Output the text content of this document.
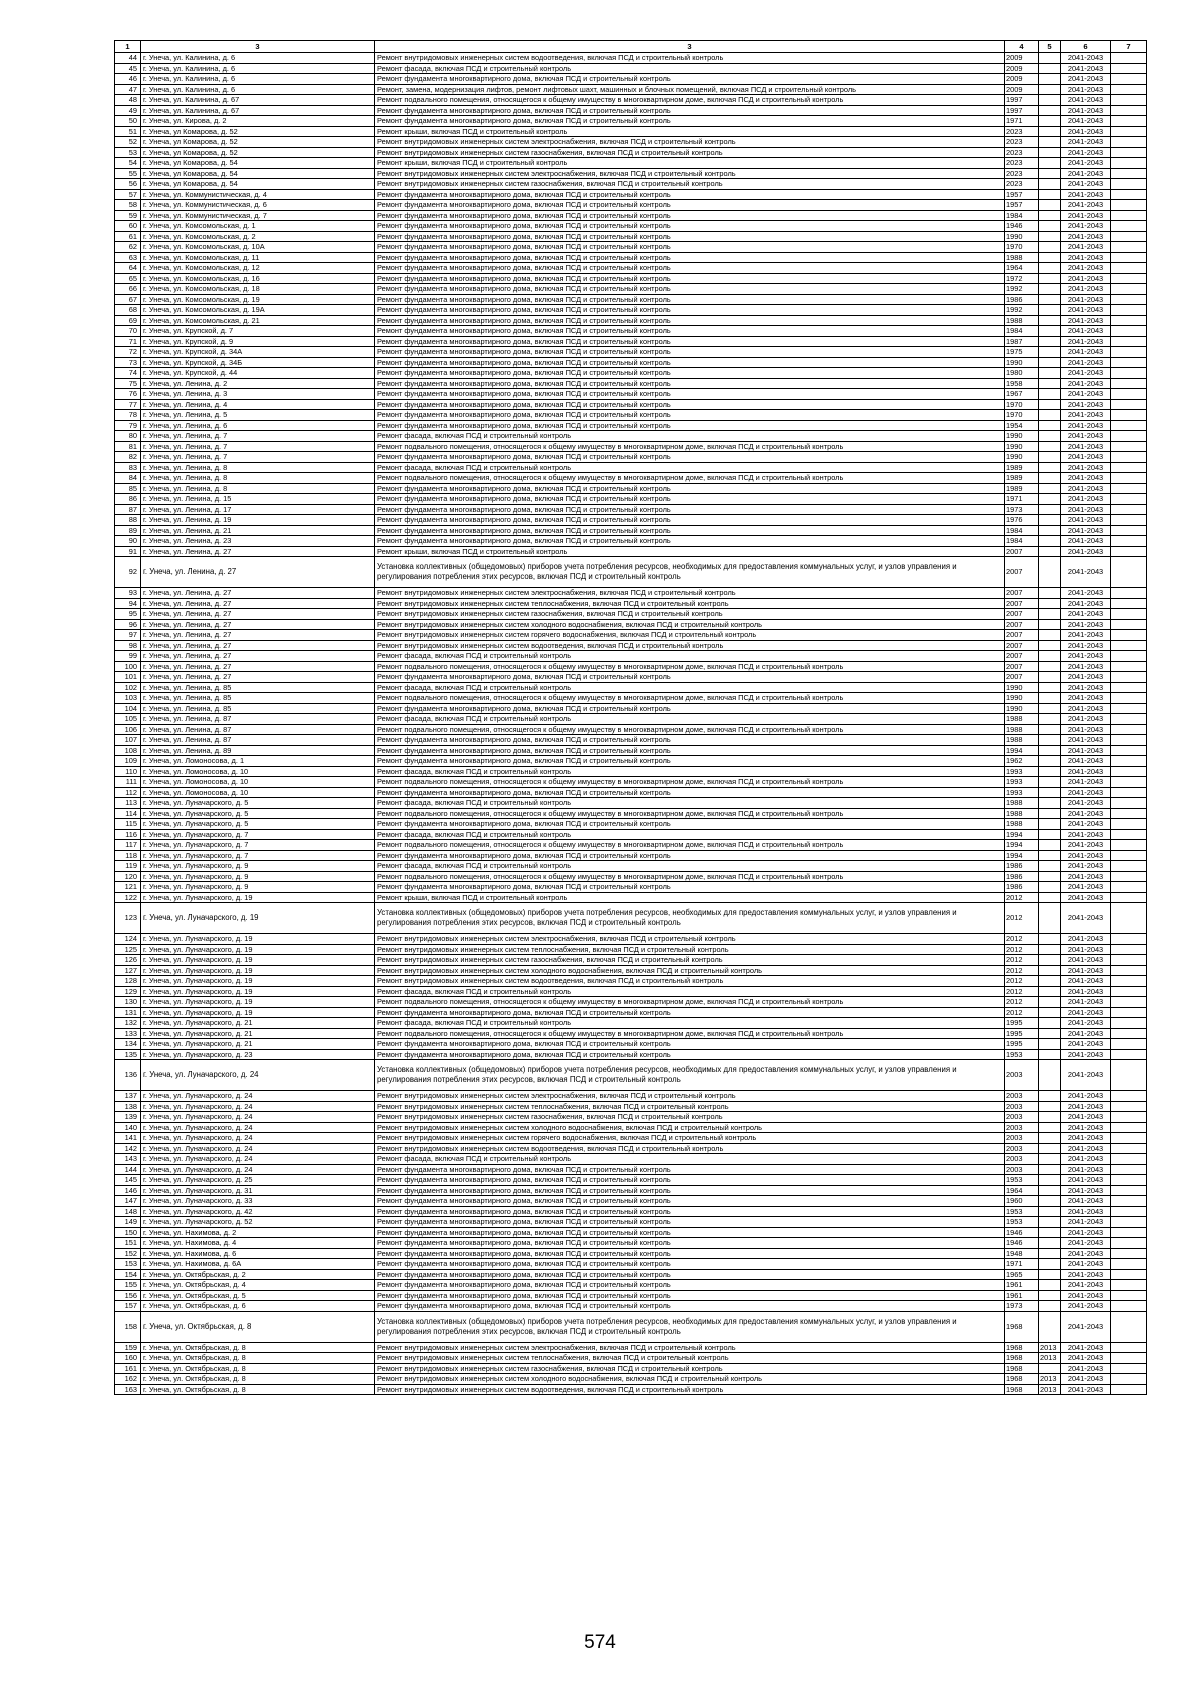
1	3	3	4	5	6	7
44	г. Унеча, ул. Калинина, д. 6	Ремонт внутридомовых инженерных систем водоотведения, включая ПСД и строительный контроль	2009		2041-2043	
45	г. Унеча, ул. Калинина, д. 6	Ремонт фасада, включая ПСД и строительный контроль	2009		2041-2043	
46	г. Унеча, ул. Калинина, д. 6	Ремонт фундамента многоквартирного дома, включая ПСД и строительный контроль	2009		2041-2043	
47	г. Унеча, ул. Калинина, д. 6	Ремонт, замена, модернизация лифтов, ремонт лифтовых шахт, машинных и блочных помещений, включая ПСД и строительный контроль	2009		2041-2043	
48	г. Унеча, ул. Калинина, д. 67	Ремонт подвального помещения, относящегося к общему имуществу в многоквартирном доме, включая ПСД и строительный контроль	1997		2041-2043	
49	г. Унеча, ул. Калинина, д. 67	Ремонт фундамента многоквартирного дома, включая ПСД и строительный контроль	1997		2041-2043	
50	г. Унеча, ул. Кирова, д. 2	Ремонт фундамента многоквартирного дома, включая ПСД и строительный контроль	1971		2041-2043	
51	г. Унеча, ул Комарова, д. 52	Ремонт крыши, включая ПСД и строительный контроль	2023		2041-2043	
52	г. Унеча, ул Комарова, д. 52	Ремонт внутридомовых инженерных систем электроснабжения, включая ПСД и строительный контроль	2023		2041-2043	
53	г. Унеча, ул Комарова, д. 52	Ремонт внутридомовых инженерных систем газоснабжения, включая ПСД и строительный контроль	2023		2041-2043	
54	г. Унеча, ул Комарова, д. 54	Ремонт крыши, включая ПСД и строительный контроль	2023		2041-2043	
55	г. Унеча, ул Комарова, д. 54	Ремонт внутридомовых инженерных систем электроснабжения, включая ПСД и строительный контроль	2023		2041-2043	
56	г. Унеча, ул Комарова, д. 54	Ремонт внутридомовых инженерных систем газоснабжения, включая ПСД и строительный контроль	2023		2041-2043	
57	г. Унеча, ул. Коммунистическая, д. 4	Ремонт фундамента многоквартирного дома, включая ПСД и строительный контроль	1957		2041-2043	
58	г. Унеча, ул. Коммунистическая, д. 6	Ремонт фундамента многоквартирного дома, включая ПСД и строительный контроль	1957		2041-2043	
59	г. Унеча, ул. Коммунистическая, д. 7	Ремонт фундамента многоквартирного дома, включая ПСД и строительный контроль	1984		2041-2043	
60	г. Унеча, ул. Комсомольская, д. 1	Ремонт фундамента многоквартирного дома, включая ПСД и строительный контроль	1946		2041-2043	
61	г. Унеча, ул. Комсомольская, д. 2	Ремонт фундамента многоквартирного дома, включая ПСД и строительный контроль	1990		2041-2043	
62	г. Унеча, ул. Комсомольская, д. 10А	Ремонт фундамента многоквартирного дома, включая ПСД и строительный контроль	1970		2041-2043	
63	г. Унеча, ул. Комсомольская, д. 11	Ремонт фундамента многоквартирного дома, включая ПСД и строительный контроль	1988		2041-2043	
64	г. Унеча, ул. Комсомольская, д. 12	Ремонт фундамента многоквартирного дома, включая ПСД и строительный контроль	1964		2041-2043	
65	г. Унеча, ул. Комсомольская, д. 16	Ремонт фундамента многоквартирного дома, включая ПСД и строительный контроль	1972		2041-2043	
66	г. Унеча, ул. Комсомольская, д. 18	Ремонт фундамента многоквартирного дома, включая ПСД и строительный контроль	1992		2041-2043	
67	г. Унеча, ул. Комсомольская, д. 19	Ремонт фундамента многоквартирного дома, включая ПСД и строительный контроль	1986		2041-2043	
68	г. Унеча, ул. Комсомольская, д. 19А	Ремонт фундамента многоквартирного дома, включая ПСД и строительный контроль	1992		2041-2043	
69	г. Унеча, ул. Комсомольская, д. 21	Ремонт фундамента многоквартирного дома, включая ПСД и строительный контроль	1988		2041-2043	
70	г. Унеча, ул. Крупской, д. 7	Ремонт фундамента многоквартирного дома, включая ПСД и строительный контроль	1984		2041-2043	
71	г. Унеча, ул. Крупской, д. 9	Ремонт фундамента многоквартирного дома, включая ПСД и строительный контроль	1987		2041-2043	
72	г. Унеча, ул. Крупской, д. 34А	Ремонт фундамента многоквартирного дома, включая ПСД и строительный контроль	1975		2041-2043	
73	г. Унеча, ул. Крупской, д. 34Б	Ремонт фундамента многоквартирного дома, включая ПСД и строительный контроль	1990		2041-2043	
74	г. Унеча, ул. Крупской, д. 44	Ремонт фундамента многоквартирного дома, включая ПСД и строительный контроль	1980		2041-2043	
75	г. Унеча, ул. Ленина, д. 2	Ремонт фундамента многоквартирного дома, включая ПСД и строительный контроль	1958		2041-2043	
76	г. Унеча, ул. Ленина, д. 3	Ремонт фундамента многоквартирного дома, включая ПСД и строительный контроль	1967		2041-2043	
77	г. Унеча, ул. Ленина, д. 4	Ремонт фундамента многоквартирного дома, включая ПСД и строительный контроль	1970		2041-2043	
78	г. Унеча, ул. Ленина, д. 5	Ремонт фундамента многоквартирного дома, включая ПСД и строительный контроль	1970		2041-2043	
79	г. Унеча, ул. Ленина, д. 6	Ремонт фундамента многоквартирного дома, включая ПСД и строительный контроль	1954		2041-2043	
80	г. Унеча, ул. Ленина, д. 7	Ремонт фасада, включая ПСД и строительный контроль	1990		2041-2043	
81	г. Унеча, ул. Ленина, д. 7	Ремонт подвального помещения, относящегося к общему имуществу в многоквартирном доме, включая ПСД и строительный контроль	1990		2041-2043	
82	г. Унеча, ул. Ленина, д. 7	Ремонт фундамента многоквартирного дома, включая ПСД и строительный контроль	1990		2041-2043	
83	г. Унеча, ул. Ленина, д. 8	Ремонт фасада, включая ПСД и строительный контроль	1989		2041-2043	
84	г. Унеча, ул. Ленина, д. 8	Ремонт подвального помещения, относящегося к общему имуществу в многоквартирном доме, включая ПСД и строительный контроль	1989		2041-2043	
85	г. Унеча, ул. Ленина, д. 8	Ремонт фундамента многоквартирного дома, включая ПСД и строительный контроль	1989		2041-2043	
86	г. Унеча, ул. Ленина, д. 15	Ремонт фундамента многоквартирного дома, включая ПСД и строительный контроль	1971		2041-2043	
87	г. Унеча, ул. Ленина, д. 17	Ремонт фундамента многоквартирного дома, включая ПСД и строительный контроль	1973		2041-2043	
88	г. Унеча, ул. Ленина, д. 19	Ремонт фундамента многоквартирного дома, включая ПСД и строительный контроль	1976		2041-2043	
89	г. Унеча, ул. Ленина, д. 21	Ремонт фундамента многоквартирного дома, включая ПСД и строительный контроль	1984		2041-2043	
90	г. Унеча, ул. Ленина, д. 23	Ремонт фундамента многоквартирного дома, включая ПСД и строительный контроль	1984		2041-2043	
91	г. Унеча, ул. Ленина, д. 27	Ремонт крыши, включая ПСД и строительный контроль	2007		2041-2043	
92	г. Унеча, ул. Ленина, д. 27	Установка коллективных (общедомовых) приборов учета потребления ресурсов, необходимых для предоставления коммунальных услуг, и узлов управления и регулирования потребления этих ресурсов, включая ПСД и строительный контроль	2007		2041-2043	
93	г. Унеча, ул. Ленина, д. 27	Ремонт внутридомовых инженерных систем электроснабжения, включая ПСД и строительный контроль	2007		2041-2043	
94	г. Унеча, ул. Ленина, д. 27	Ремонт внутридомовых инженерных систем теплоснабжения, включая ПСД и строительный контроль	2007		2041-2043	
95	г. Унеча, ул. Ленина, д. 27	Ремонт внутридомовых инженерных систем газоснабжения, включая ПСД и строительный контроль	2007		2041-2043	
96	г. Унеча, ул. Ленина, д. 27	Ремонт внутридомовых инженерных систем холодного водоснабжения, включая ПСД и строительный контроль	2007		2041-2043	
97	г. Унеча, ул. Ленина, д. 27	Ремонт внутридомовых инженерных систем горячего водоснабжения, включая ПСД и строительный контроль	2007		2041-2043	
98	г. Унеча, ул. Ленина, д. 27	Ремонт внутридомовых инженерных систем водоотведения, включая ПСД и строительный контроль	2007		2041-2043	
99	г. Унеча, ул. Ленина, д. 27	Ремонт фасада, включая ПСД и строительный контроль	2007		2041-2043	
100	г. Унеча, ул. Ленина, д. 27	Ремонт подвального помещения, относящегося к общему имуществу в многоквартирном доме, включая ПСД и строительный контроль	2007		2041-2043	
101	г. Унеча, ул. Ленина, д. 27	Ремонт фундамента многоквартирного дома, включая ПСД и строительный контроль	2007		2041-2043	
102	г. Унеча, ул. Ленина, д. 85	Ремонт фасада, включая ПСД и строительный контроль	1990		2041-2043	
103	г. Унеча, ул. Ленина, д. 85	Ремонт подвального помещения, относящегося к общему имуществу в многоквартирном доме, включая ПСД и строительный контроль	1990		2041-2043	
104	г. Унеча, ул. Ленина, д. 85	Ремонт фундамента многоквартирного дома, включая ПСД и строительный контроль	1990		2041-2043	
105	г. Унеча, ул. Ленина, д. 87	Ремонт фасада, включая ПСД и строительный контроль	1988		2041-2043	
106	г. Унеча, ул. Ленина, д. 87	Ремонт подвального помещения, относящегося к общему имуществу в многоквартирном доме, включая ПСД и строительный контроль	1988		2041-2043	
107	г. Унеча, ул. Ленина, д. 87	Ремонт фундамента многоквартирного дома, включая ПСД и строительный контроль	1988		2041-2043	
108	г. Унеча, ул. Ленина, д. 89	Ремонт фундамента многоквартирного дома, включая ПСД и строительный контроль	1994		2041-2043	
109	г. Унеча, ул. Ломоносова, д. 1	Ремонт фундамента многоквартирного дома, включая ПСД и строительный контроль	1962		2041-2043	
110	г. Унеча, ул. Ломоносова, д. 10	Ремонт фасада, включая ПСД и строительный контроль	1993		2041-2043	
111	г. Унеча, ул. Ломоносова, д. 10	Ремонт подвального помещения, относящегося к общему имуществу в многоквартирном доме, включая ПСД и строительный контроль	1993		2041-2043	
112	г. Унеча, ул. Ломоносова, д. 10	Ремонт фундамента многоквартирного дома, включая ПСД и строительный контроль	1993		2041-2043	
113	г. Унеча, ул. Луначарского, д. 5	Ремонт фасада, включая ПСД и строительный контроль	1988		2041-2043	
114	г. Унеча, ул. Луначарского, д. 5	Ремонт подвального помещения, относящегося к общему имуществу в многоквартирном доме, включая ПСД и строительный контроль	1988		2041-2043	
115	г. Унеча, ул. Луначарского, д. 5	Ремонт фундамента многоквартирного дома, включая ПСД и строительный контроль	1988		2041-2043	
116	г. Унеча, ул. Луначарского, д. 7	Ремонт фасада, включая ПСД и строительный контроль	1994		2041-2043	
117	г. Унеча, ул. Луначарского, д. 7	Ремонт подвального помещения, относящегося к общему имуществу в многоквартирном доме, включая ПСД и строительный контроль	1994		2041-2043	
118	г. Унеча, ул. Луначарского, д. 7	Ремонт фундамента многоквартирного дома, включая ПСД и строительный контроль	1994		2041-2043	
119	г. Унеча, ул. Луначарского, д. 9	Ремонт фасада, включая ПСД и строительный контроль	1986		2041-2043	
120	г. Унеча, ул. Луначарского, д. 9	Ремонт подвального помещения, относящегося к общему имуществу в многоквартирном доме, включая ПСД и строительный контроль	1986		2041-2043	
121	г. Унеча, ул. Луначарского, д. 9	Ремонт фундамента многоквартирного дома, включая ПСД и строительный контроль	1986		2041-2043	
122	г. Унеча, ул. Луначарского, д. 19	Ремонт крыши, включая ПСД и строительный контроль	2012		2041-2043	
123	г. Унеча, ул. Луначарского, д. 19	Установка коллективных (общедомовых) приборов учета потребления ресурсов, необходимых для предоставления коммунальных услуг, и узлов управления и регулирования потребления этих ресурсов, включая ПСД и строительный контроль	2012		2041-2043	
124	г. Унеча, ул. Луначарского, д. 19	Ремонт внутридомовых инженерных систем электроснабжения, включая ПСД и строительный контроль	2012		2041-2043	
125	г. Унеча, ул. Луначарского, д. 19	Ремонт внутридомовых инженерных систем теплоснабжения, включая ПСД и строительный контроль	2012		2041-2043	
126	г. Унеча, ул. Луначарского, д. 19	Ремонт внутридомовых инженерных систем газоснабжения, включая ПСД и строительный контроль	2012		2041-2043	
127	г. Унеча, ул. Луначарского, д. 19	Ремонт внутридомовых инженерных систем холодного водоснабжения, включая ПСД и строительный контроль	2012		2041-2043	
128	г. Унеча, ул. Луначарского, д. 19	Ремонт внутридомовых инженерных систем водоотведения, включая ПСД и строительный контроль	2012		2041-2043	
129	г. Унеча, ул. Луначарского, д. 19	Ремонт фасада, включая ПСД и строительный контроль	2012		2041-2043	
130	г. Унеча, ул. Луначарского, д. 19	Ремонт подвального помещения, относящегося к общему имуществу в многоквартирном доме, включая ПСД и строительный контроль	2012		2041-2043	
131	г. Унеча, ул. Луначарского, д. 19	Ремонт фундамента многоквартирного дома, включая ПСД и строительный контроль	2012		2041-2043	
132	г. Унеча, ул. Луначарского, д. 21	Ремонт фасада, включая ПСД и строительный контроль	1995		2041-2043	
133	г. Унеча, ул. Луначарского, д. 21	Ремонт подвального помещения, относящегося к общему имуществу в многоквартирном доме, включая ПСД и строительный контроль	1995		2041-2043	
134	г. Унеча, ул. Луначарского, д. 21	Ремонт фундамента многоквартирного дома, включая ПСД и строительный контроль	1995		2041-2043	
135	г. Унеча, ул. Луначарского, д. 23	Ремонт фундамента многоквартирного дома, включая ПСД и строительный контроль	1953		2041-2043	
136	г. Унеча, ул. Луначарского, д. 24	Установка коллективных (общедомовых) приборов учета потребления ресурсов, необходимых для предоставления коммунальных услуг, и узлов управления и регулирования потребления этих ресурсов, включая ПСД и строительный контроль	2003		2041-2043	
137	г. Унеча, ул. Луначарского, д. 24	Ремонт внутридомовых инженерных систем электроснабжения, включая ПСД и строительный контроль	2003		2041-2043	
138	г. Унеча, ул. Луначарского, д. 24	Ремонт внутридомовых инженерных систем теплоснабжения, включая ПСД и строительный контроль	2003		2041-2043	
139	г. Унеча, ул. Луначарского, д. 24	Ремонт внутридомовых инженерных систем газоснабжения, включая ПСД и строительный контроль	2003		2041-2043	
140	г. Унеча, ул. Луначарского, д. 24	Ремонт внутридомовых инженерных систем холодного водоснабжения, включая ПСД и строительный контроль	2003		2041-2043	
141	г. Унеча, ул. Луначарского, д. 24	Ремонт внутридомовых инженерных систем горячего водоснабжения, включая ПСД и строительный контроль	2003		2041-2043	
142	г. Унеча, ул. Луначарского, д. 24	Ремонт внутридомовых инженерных систем водоотведения, включая ПСД и строительный контроль	2003		2041-2043	
143	г. Унеча, ул. Луначарского, д. 24	Ремонт фасада, включая ПСД и строительный контроль	2003		2041-2043	
144	г. Унеча, ул. Луначарского, д. 24	Ремонт фундамента многоквартирного дома, включая ПСД и строительный контроль	2003		2041-2043	
145	г. Унеча, ул. Луначарского, д. 25	Ремонт фундамента многоквартирного дома, включая ПСД и строительный контроль	1953		2041-2043	
146	г. Унеча, ул. Луначарского, д. 31	Ремонт фундамента многоквартирного дома, включая ПСД и строительный контроль	1964		2041-2043	
147	г. Унеча, ул. Луначарского, д. 33	Ремонт фундамента многоквартирного дома, включая ПСД и строительный контроль	1960		2041-2043	
148	г. Унеча, ул. Луначарского, д. 42	Ремонт фундамента многоквартирного дома, включая ПСД и строительный контроль	1953		2041-2043	
149	г. Унеча, ул. Луначарского, д. 52	Ремонт фундамента многоквартирного дома, включая ПСД и строительный контроль	1953		2041-2043	
150	г. Унеча, ул. Нахимова, д. 2	Ремонт фундамента многоквартирного дома, включая ПСД и строительный контроль	1946		2041-2043	
151	г. Унеча, ул. Нахимова, д. 4	Ремонт фундамента многоквартирного дома, включая ПСД и строительный контроль	1946		2041-2043	
152	г. Унеча, ул. Нахимова, д. 6	Ремонт фундамента многоквартирного дома, включая ПСД и строительный контроль	1948		2041-2043	
153	г. Унеча, ул. Нахимова, д. 6А	Ремонт фундамента многоквартирного дома, включая ПСД и строительный контроль	1971		2041-2043	
154	г. Унеча, ул. Октябрьская, д. 2	Ремонт фундамента многоквартирного дома, включая ПСД и строительный контроль	1965		2041-2043	
155	г. Унеча, ул. Октябрьская, д. 4	Ремонт фундамента многоквартирного дома, включая ПСД и строительный контроль	1961		2041-2043	
156	г. Унеча, ул. Октябрьская, д. 5	Ремонт фундамента многоквартирного дома, включая ПСД и строительный контроль	1961		2041-2043	
157	г. Унеча, ул. Октябрьская, д. 6	Ремонт фундамента многоквартирного дома, включая ПСД и строительный контроль	1973		2041-2043	
158	г. Унеча, ул. Октябрьская, д. 8	Установка коллективных (общедомовых) приборов учета потребления ресурсов, необходимых для предоставления коммунальных услуг, и узлов управления и регулирования потребления этих ресурсов, включая ПСД и строительный контроль	1968		2041-2043	
159	г. Унеча, ул. Октябрьская, д. 8	Ремонт внутридомовых инженерных систем электроснабжения, включая ПСД и строительный контроль	1968	2013	2041-2043	
160	г. Унеча, ул. Октябрьская, д. 8	Ремонт внутридомовых инженерных систем теплоснабжения, включая ПСД и строительный контроль	1968	2013	2041-2043	
161	г. Унеча, ул. Октябрьская, д. 8	Ремонт внутридомовых инженерных систем газоснабжения, включая ПСД и строительный контроль	1968		2041-2043	
162	г. Унеча, ул. Октябрьская, д. 8	Ремонт внутридомовых инженерных систем холодного водоснабжения, включая ПСД и строительный контроль	1968	2013	2041-2043	
163	г. Унеча, ул. Октябрьская, д. 8	Ремонт внутридомовых инженерных систем водоотведения, включая ПСД и строительный контроль	1968	2013	2041-2043	
574
